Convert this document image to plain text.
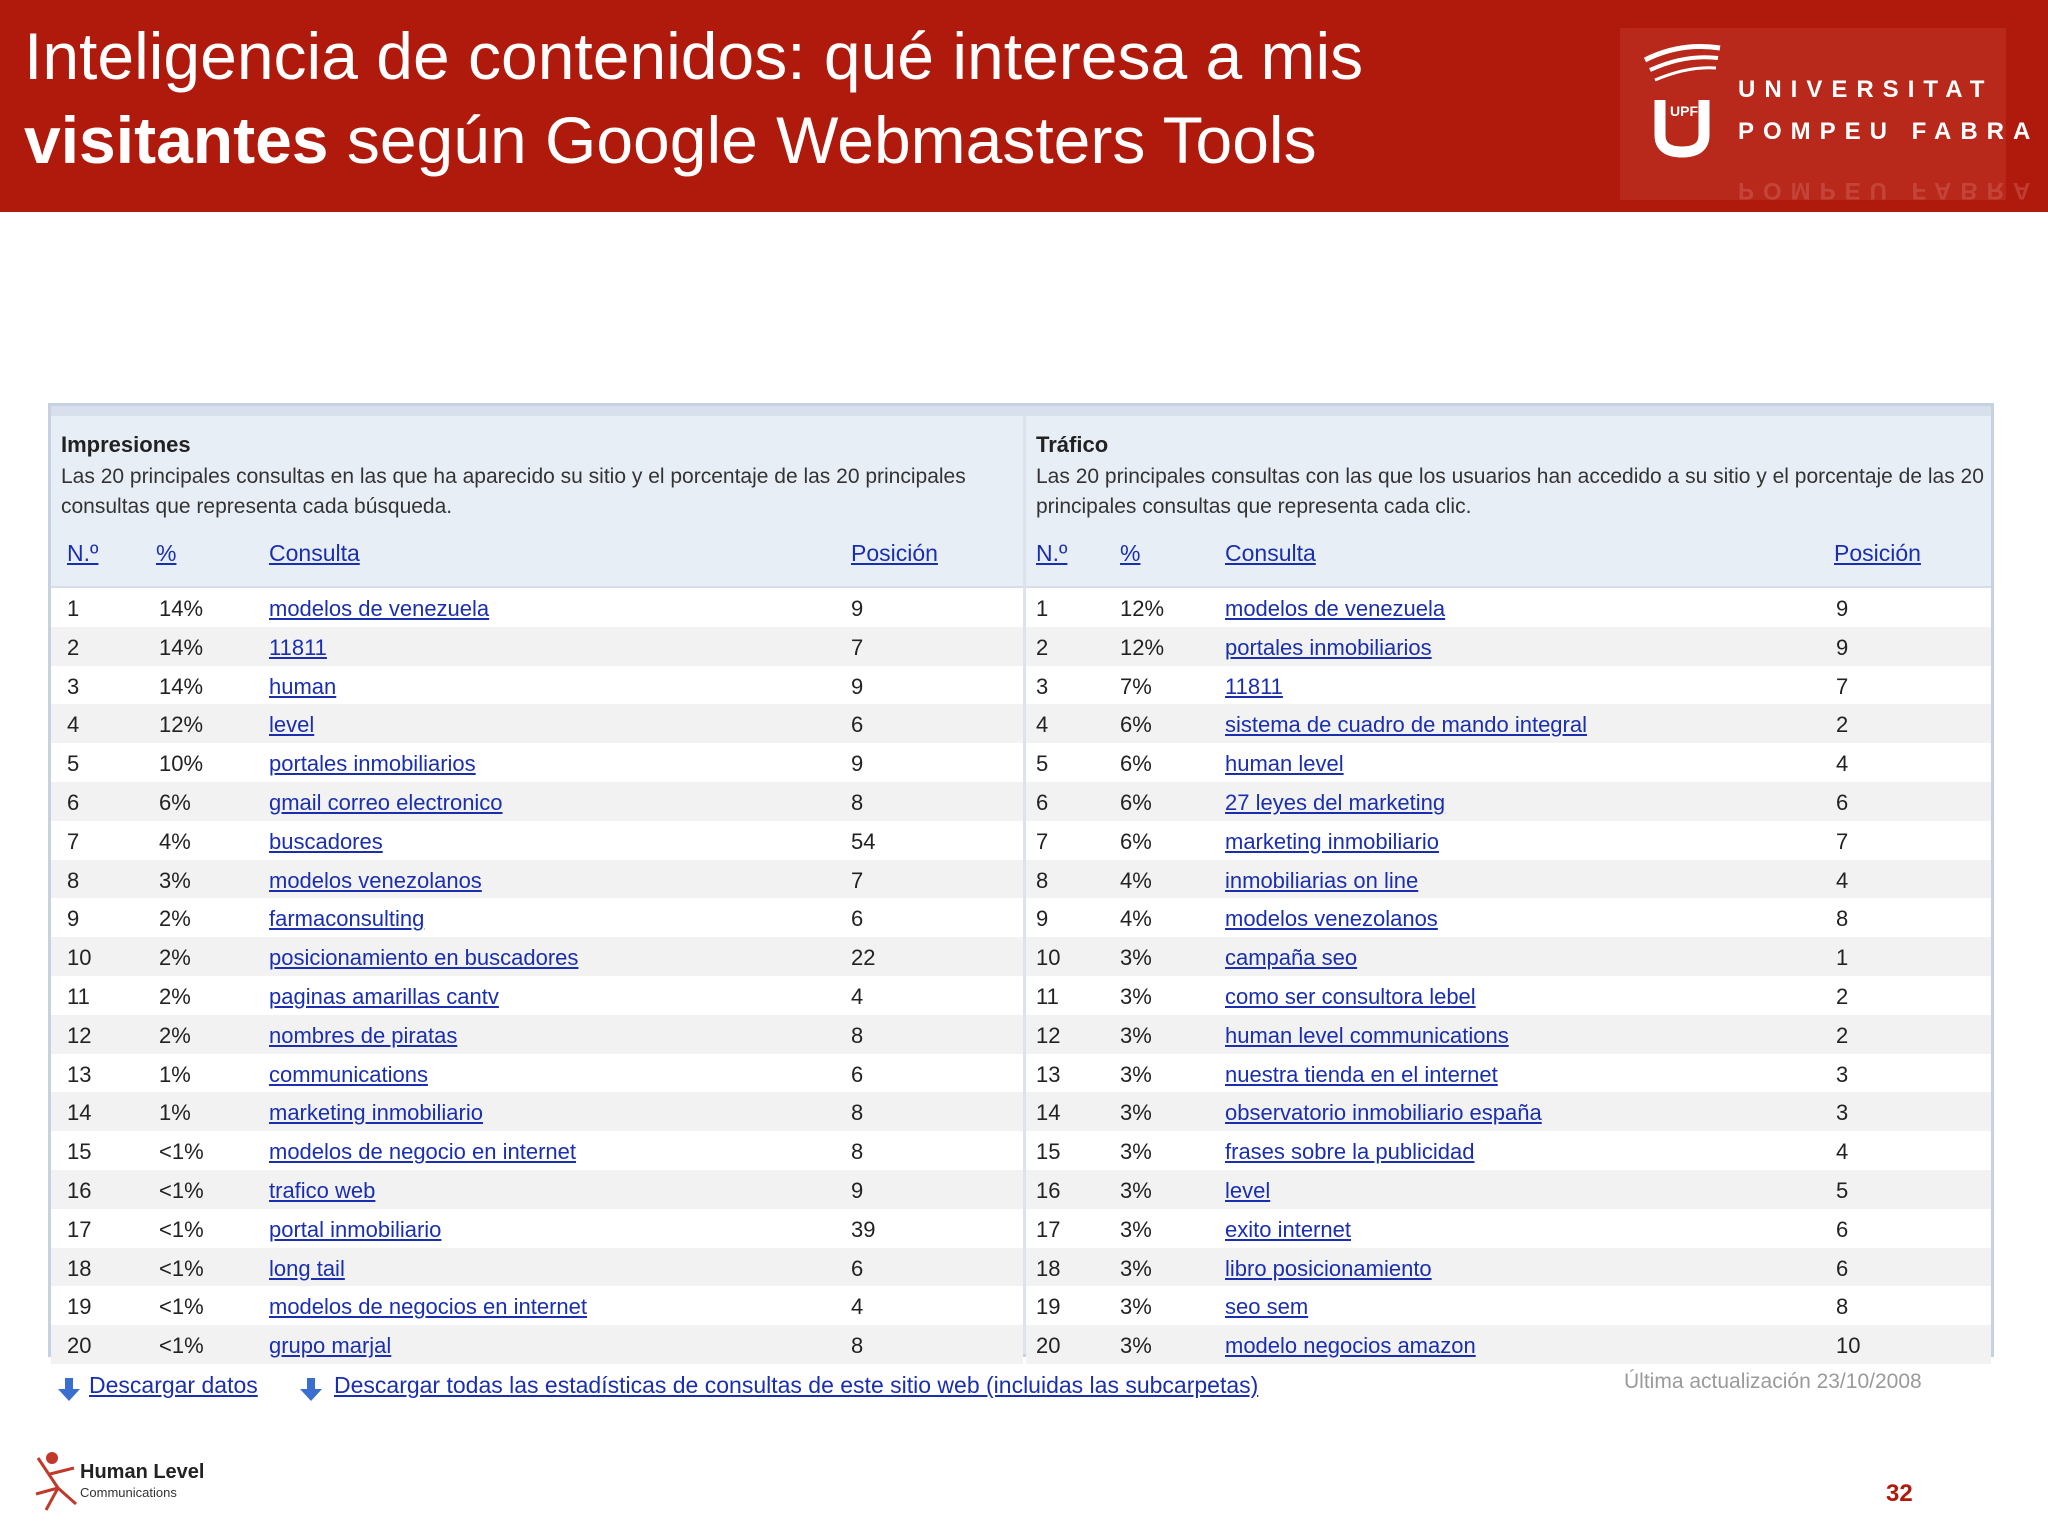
Inteligencia de contenidos: qué interesa a mis
visitantes según Google Webmasters Tools	UPF
UNIVERSITAT
POMPEU FABRA
POMPEU FABRA
Impresiones
Las 20 principales consultas en las que ha aparecido su sitio y el porcentaje de las 20 principales consultas que representa cada búsqueda.
N.º	%	Consulta	Posición
1	14%	modelos de venezuela	9
2	14%	11811	7
3	14%	human	9
4	12%	level	6
5	10%	portales inmobiliarios	9
6	6%	gmail correo electronico	8
7	4%	buscadores	54
8	3%	modelos venezolanos	7
9	2%	farmaconsulting	6
10	2%	posicionamiento en buscadores	22
11	2%	paginas amarillas cantv	4
12	2%	nombres de piratas	8
13	1%	communications	6
14	1%	marketing inmobiliario	8
15	<1%	modelos de negocio en internet	8
16	<1%	trafico web	9
17	<1%	portal inmobiliario	39
18	<1%	long tail	6
19	<1%	modelos de negocios en internet	4
20	<1%	grupo marjal	8
Tráfico
Las 20 principales consultas con las que los usuarios han accedido a su sitio y el porcentaje de las 20 principales consultas que representa cada clic.
N.º %	Consulta	Posición
1	12%	modelos de venezuela	9
2	12%	portales inmobiliarios	9
3	7%	11811	7
4	6%	sistema de cuadro de mando integral	2
5	6%	human level	4
6	6%	27 leyes del marketing	6
7	6%	marketing inmobiliario	7
8	4%	inmobiliarias on line	4
9	4%	modelos venezolanos	8
10	3%	campaña seo	1
11	3%	como ser consultora lebel	2
12	3%	human level communications	2
13	3%	nuestra tienda en el internet	3
14	3%	observatorio inmobiliario españa	3
15	3%	frases sobre la publicidad	4
16	3%	level	5
17	3%	exito internet	6
18	3%	libro posicionamiento	6
19	3%	seo sem	8
20	3%	modelo negocios amazon	10
Descargar datos	Descargar todas las estadísticas de consultas de este sitio web (incluidas las subcarpetas)	Última actualización 23/10/2008
Human Level
Communications	32
